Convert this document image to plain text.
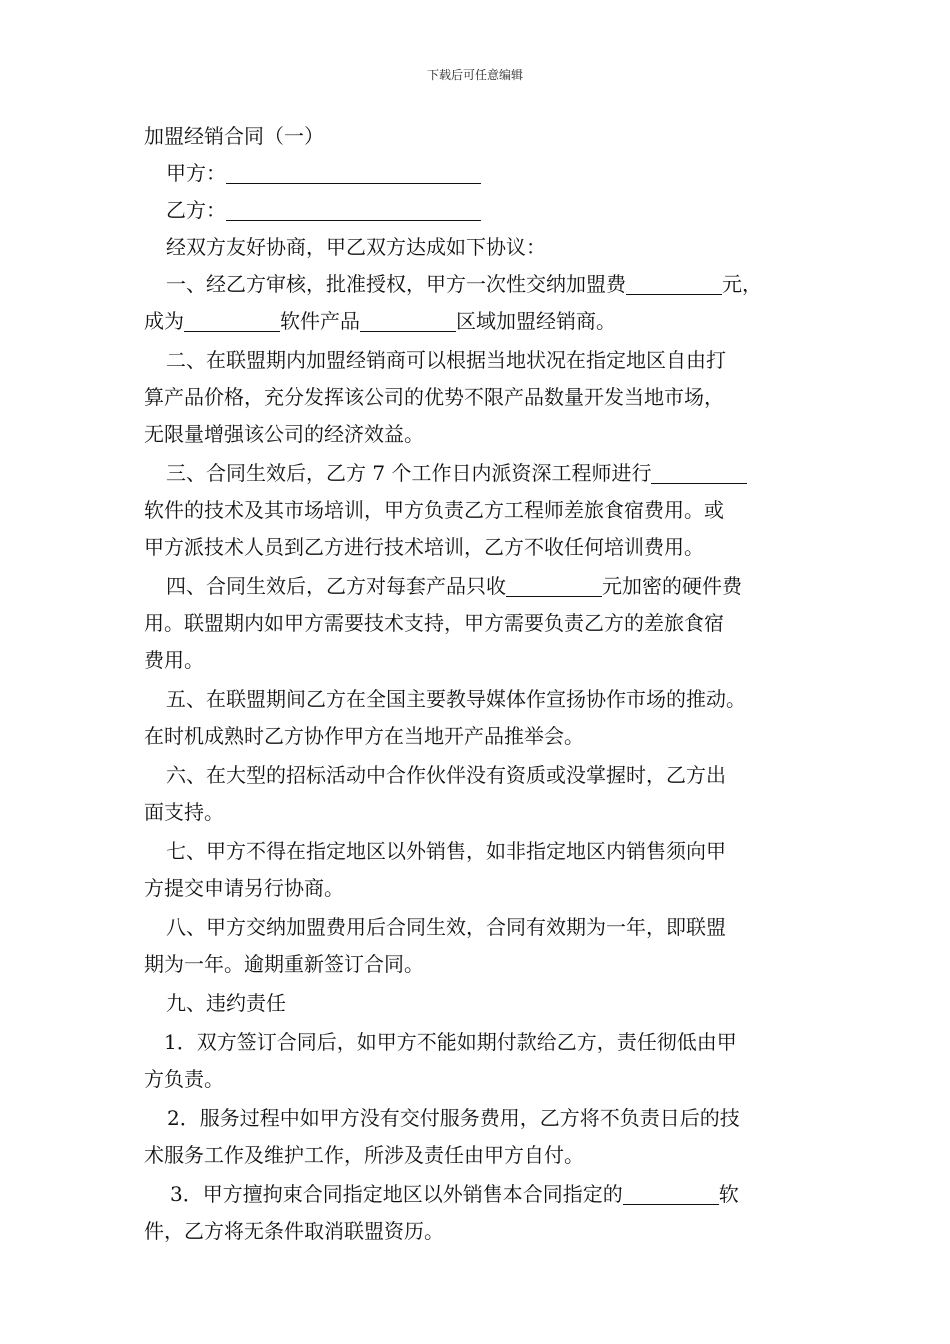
下载后可任意编辑
加盟经销合同（一）
甲方：
乙方：
经双方友好协商，甲乙双方达成如下协议：
一、经乙方审核，批准授权，甲方一次性交纳加盟费	元，
成为	软件产品	区域加盟经销商。
二、在联盟期内加盟经销商可以根据当地状况在指定地区自由打
算产品价格，充分发挥该公司的优势不限产品数量开发当地市场，
无限量增强该公司的经济效益。
三、合同生效后，乙方 7 个工作日内派资深工程师进行
软件的技术及其市场培训，甲方负责乙方工程师差旅食宿费用。或
甲方派技术人员到乙方进行技术培训，乙方不收任何培训费用。
四、合同生效后，乙方对每套产品只收	元加密的硬件费
用。联盟期内如甲方需要技术支持，甲方需要负责乙方的差旅食宿
费用。
五、在联盟期间乙方在全国主要教导媒体作宣扬协作市场的推动。
在时机成熟时乙方协作甲方在当地开产品推举会。
六、在大型的招标活动中合作伙伴没有资质或没掌握时，乙方出
面支持。
七、甲方不得在指定地区以外销售，如非指定地区内销售须向甲
方提交申请另行协商。
八、甲方交纳加盟费用后合同生效，合同有效期为一年，即联盟
期为一年。逾期重新签订合同。
九、违约责任
1．双方签订合同后，如甲方不能如期付款给乙方，责任彻低由甲
方负责。
2．服务过程中如甲方没有交付服务费用，乙方将不负责日后的技
术服务工作及维护工作，所涉及责任由甲方自付。
3．甲方擅拘束合同指定地区以外销售本合同指定的	软
件，乙方将无条件取消联盟资历。
